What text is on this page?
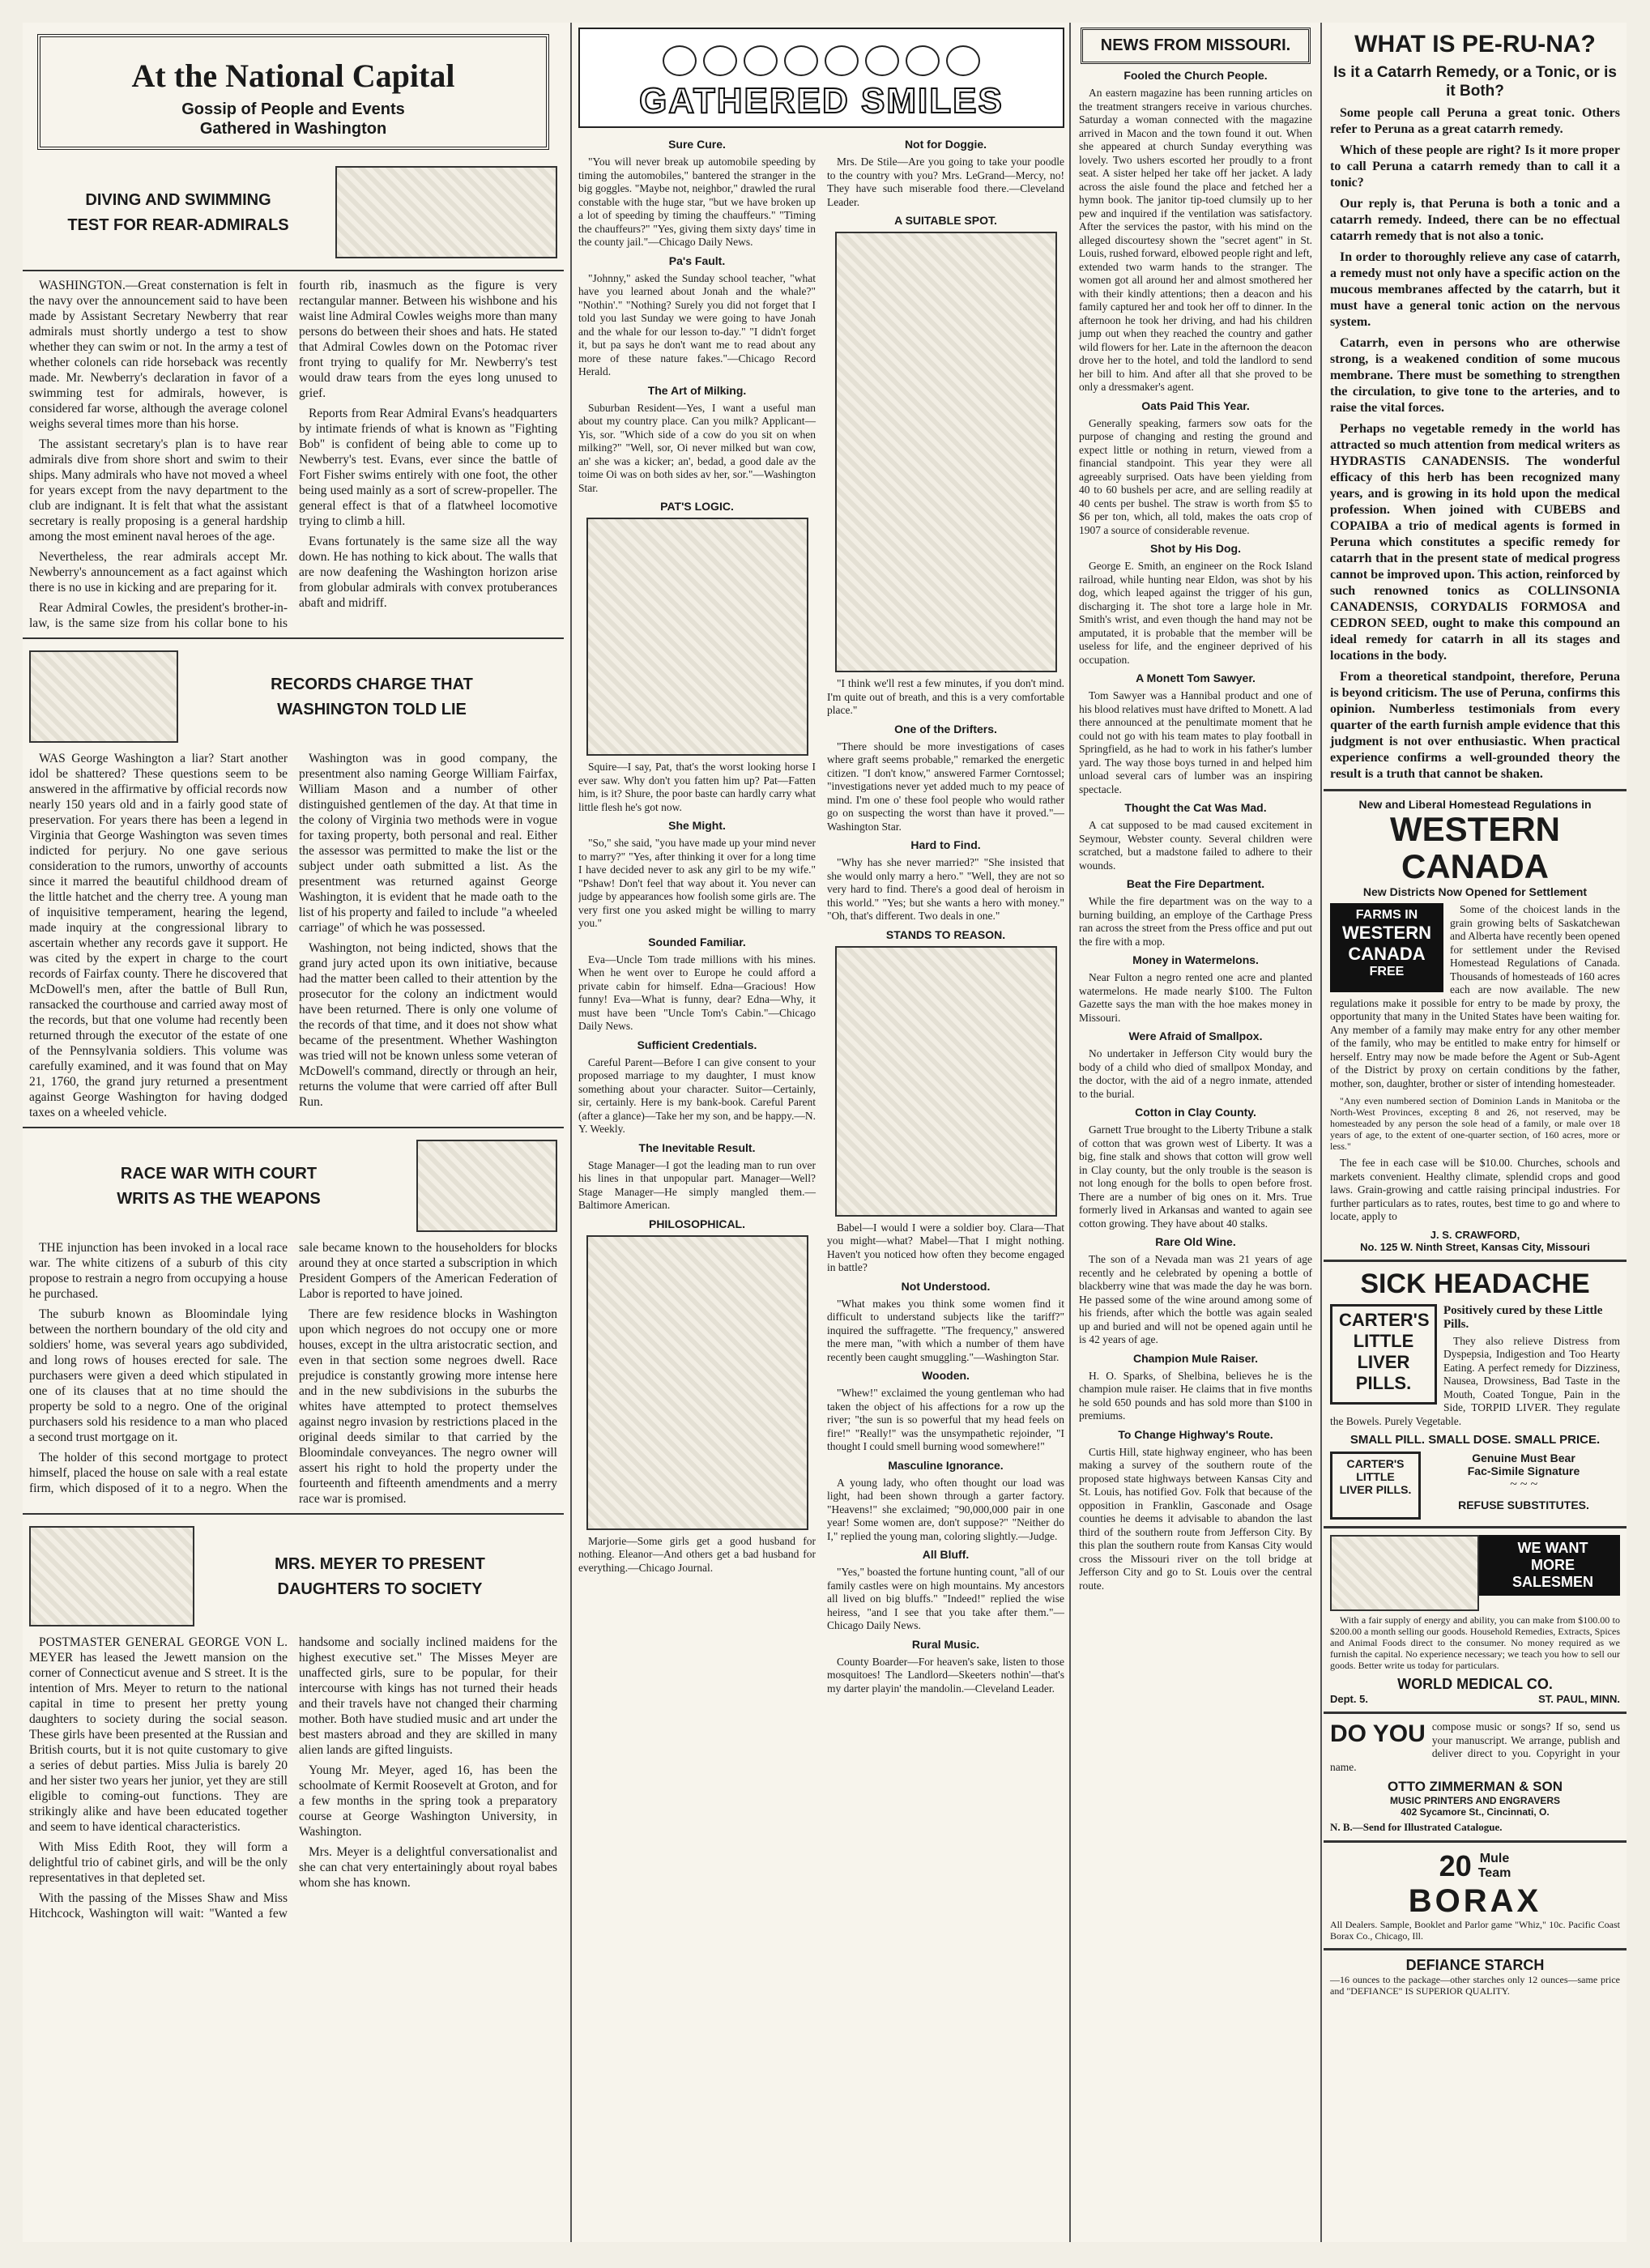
At the National Capital
Gossip of People and Events
Gathered in Washington
DIVING AND SWIMMING
TEST FOR REAR-ADMIRALS

WASHINGTON.—Great consternation is felt in the navy over the announcement said to have been made by Assistant Secretary Newberry that rear admirals must shortly undergo a test to show whether they can swim or not. In the army a test of whether colonels can ride horseback was recently made. Mr. Newberry's declaration in favor of a swimming test for admirals, however, is considered far worse, although the average colonel weighs several times more than his horse.

The assistant secretary's plan is to have rear admirals dive from shore short and swim to their ships. Many admirals who have not moved a wheel for years except from the navy department to the club are indignant. It is felt that what the assistant secretary is really proposing is a general hardship among the most eminent naval heroes of the age.

Nevertheless, the rear admirals accept Mr. Newberry's announcement as a fact against which there is no use in kicking and are preparing for it.

Rear Admiral Cowles, the president's brother-in-law, is the same size from his collar bone to his fourth rib, inasmuch as the figure is very rectangular manner. Between his wishbone and his waist line Admiral Cowles weighs more than many persons do between their shoes and hats. He stated that Admiral Cowles down on the Potomac river front trying to qualify for Mr. Newberry's test would draw tears from the eyes long unused to grief.

Reports from Rear Admiral Evans's headquarters by intimate friends of what is known as "Fighting Bob" is confident of being able to come up to Newberry's test. Evans, ever since the battle of Fort Fisher swims entirely with one foot, the other being used mainly as a sort of screw-propeller. The general effect is that of a flatwheel locomotive trying to climb a hill.

Evans fortunately is the same size all the way down. He has nothing to kick about. The walls that are now deafening the Washington horizon arise from globular admirals with convex protuberances abaft and midriff.

RECORDS CHARGE THAT
WASHINGTON TOLD LIE

WAS George Washington a liar? Start another idol be shattered? These questions seem to be answered in the affirmative by official records now nearly 150 years old and in a fairly good state of preservation. For years there has been a legend in Virginia that George Washington was seven times indicted for perjury. No one gave serious consideration to the rumors, unworthy of accounts since it marred the beautiful childhood dream of the little hatchet and the cherry tree. A young man of inquisitive temperament, hearing the legend, made inquiry at the congressional library to ascertain whether any records gave it support. He was cited by the expert in charge to the court records of Fairfax county. There he discovered that McDowell's men, after the battle of Bull Run, ransacked the courthouse and carried away most of the records, but that one volume had recently been returned through the executor of the estate of one of the Pennsylvania soldiers. This volume was carefully examined, and it was found that on May 21, 1760, the grand jury returned a presentment against George Washington for having dodged taxes on a wheeled vehicle.

Washington was in good company, the presentment also naming George William Fairfax, William Mason and a number of other distinguished gentlemen of the day. At that time in the colony of Virginia two methods were in vogue for taxing property, both personal and real. Either the assessor was permitted to make the list or the subject under oath submitted a list. As the presentment was returned against George Washington, it is evident that he made oath to the list of his property and failed to include "a wheeled carriage" of which he was possessed.

Washington, not being indicted, shows that the grand jury acted upon its own initiative, because had the matter been called to their attention by the prosecutor for the colony an indictment would have been returned. There is only one volume of the records of that time, and it does not show what became of the presentment. Whether Washington was tried will not be known unless some veteran of McDowell's command, directly or through an heir, returns the volume that were carried off after Bull Run.

RACE WAR WITH COURT
WRITS AS THE WEAPONS

THE injunction has been invoked in a local race war. The white citizens of a suburb of this city propose to restrain a negro from occupying a house he purchased.

The suburb known as Bloomindale lying between the northern boundary of the old city and soldiers' home, was several years ago subdivided, and long rows of houses erected for sale. The purchasers were given a deed which stipulated in one of its clauses that at no time should the property be sold to a negro. One of the original purchasers sold his residence to a man who placed a second trust mortgage on it.

The holder of this second mortgage to protect himself, placed the house on sale with a real estate firm, which disposed of it to a negro. When the sale became known to the householders for blocks around they at once started a subscription in which President Gompers of the American Federation of Labor is reported to have joined.

There are few residence blocks in Washington upon which negroes do not occupy one or more houses, except in the ultra aristocratic section, and even in that section some negroes dwell. Race prejudice is constantly growing more intense here and in the new subdivisions in the suburbs the whites have attempted to protect themselves against negro invasion by restrictions placed in the original deeds similar to that carried by the Bloomindale conveyances. The negro owner will assert his right to hold the property under the fourteenth and fifteenth amendments and a merry race war is promised.

MRS. MEYER TO PRESENT
DAUGHTERS TO SOCIETY

POSTMASTER GENERAL GEORGE VON L. MEYER has leased the Jewett mansion on the corner of Connecticut avenue and S street. It is the intention of Mrs. Meyer to return to the national capital in time to present her pretty young daughters to society during the social season. These girls have been presented at the Russian and British courts, but it is not quite customary to give a series of debut parties. Miss Julia is barely 20 and her sister two years her junior, yet they are still eligible to coming-out functions. They are strikingly alike and have been educated together and seem to have identical characteristics.

With Miss Edith Root, they will form a delightful trio of cabinet girls, and will be the only representatives in that depleted set.

With the passing of the Misses Shaw and Miss Hitchcock, Washington will wait: "Wanted a few handsome and socially inclined maidens for the highest executive set." The Misses Meyer are unaffected girls, sure to be popular, for their intercourse with kings has not turned their heads and their travels have not changed their charming mother. Both have studied music and art under the best masters abroad and they are skilled in many alien lands are gifted linguists.

Young Mr. Meyer, aged 16, has been the schoolmate of Kermit Roosevelt at Groton, and for a few months in the spring took a preparatory course at George Washington University, in Washington.

Mrs. Meyer is a delightful conversationalist and she can chat very entertainingly about royal babes whom she has known.

GATHERED SMILES
Sure Cure.

"You will never break up automobile speeding by timing the automobiles," bantered the stranger in the big goggles. "Maybe not, neighbor," drawled the rural constable with the huge star, "but we have broken up a lot of speeding by timing the chauffeurs." "Timing the chauffeurs?" "Yes, giving them sixty days' time in the county jail."—Chicago Daily News.

Pa's Fault.

"Johnny," asked the Sunday school teacher, "what have you learned about Jonah and the whale?" "Nothin'." "Nothing? Surely you did not forget that I told you last Sunday we were going to have Jonah and the whale for our lesson to-day." "I didn't forget it, but pa says he don't want me to read about any more of these nature fakes."—Chicago Record Herald.

The Art of Milking.

Suburban Resident—Yes, I want a useful man about my country place. Can you milk? Applicant—Yis, sor. "Which side of a cow do you sit on when milking?" "Well, sor, Oi never milked but wan cow, an' she was a kicker; an', bedad, a good dale av the toime Oi was on both sides av her, sor."—Washington Star.

PAT'S LOGIC.

Squire—I say, Pat, that's the worst looking horse I ever saw. Why don't you fatten him up? Pat—Fatten him, is it? Shure, the poor baste can hardly carry what little flesh he's got now.

She Might.

"So," she said, "you have made up your mind never to marry?" "Yes, after thinking it over for a long time I have decided never to ask any girl to be my wife." "Pshaw! Don't feel that way about it. You never can judge by appearances how foolish some girls are. The very first one you asked might be willing to marry you."

Sounded Familiar.

Eva—Uncle Tom trade millions with his mines. When he went over to Europe he could afford a private cabin for himself. Edna—Gracious! How funny! Eva—What is funny, dear? Edna—Why, it must have been "Uncle Tom's Cabin."—Chicago Daily News.

Sufficient Credentials.

Careful Parent—Before I can give consent to your proposed marriage to my daughter, I must know something about your character. Suitor—Certainly, sir, certainly. Here is my bank-book. Careful Parent (after a glance)—Take her my son, and be happy.—N. Y. Weekly.

The Inevitable Result.

Stage Manager—I got the leading man to run over his lines in that unpopular part. Manager—Well? Stage Manager—He simply mangled them.—Baltimore American.

PHILOSOPHICAL.

Marjorie—Some girls get a good husband for nothing. Eleanor—And others get a bad husband for everything.—Chicago Journal.

Not for Doggie.

Mrs. De Stile—Are you going to take your poodle to the country with you? Mrs. LeGrand—Mercy, no! They have such miserable food there.—Cleveland Leader.

A SUITABLE SPOT.

"I think we'll rest a few minutes, if you don't mind. I'm quite out of breath, and this is a very comfortable place."

One of the Drifters.

"There should be more investigations of cases where graft seems probable," remarked the energetic citizen. "I don't know," answered Farmer Corntossel; "investigations never yet added much to my peace of mind. I'm one o' these fool people who would rather go on suspecting the worst than have it proved."—Washington Star.

Hard to Find.

"Why has she never married?" "She insisted that she would only marry a hero." "Well, they are not so very hard to find. There's a good deal of heroism in this world." "Yes; but she wants a hero with money." "Oh, that's different. Two deals in one."

STANDS TO REASON.

Babel—I would I were a soldier boy. Clara—That you might—what? Mabel—That I might nothing. Haven't you noticed how often they become engaged in battle?

Not Understood.

"What makes you think some women find it difficult to understand subjects like the tariff?" inquired the suffragette. "The frequency," answered the mere man, "with which a number of them have recently been caught smuggling."—Washington Star.

Wooden.

"Whew!" exclaimed the young gentleman who had taken the object of his affections for a row up the river; "the sun is so powerful that my head feels on fire!" "Really!" was the unsympathetic rejoinder, "I thought I could smell burning wood somewhere!"

Masculine Ignorance.

A young lady, who often thought our load was light, had been shown through a garter factory. "Heavens!" she exclaimed; "90,000,000 pair in one year! Some women are, don't suppose?" "Neither do I," replied the young man, coloring slightly.—Judge.

All Bluff.

"Yes," boasted the fortune hunting count, "all of our family castles were on high mountains. My ancestors all lived on big bluffs." "Indeed!" replied the wise heiress, "and I see that you take after them."—Chicago Daily News.

Rural Music.

County Boarder—For heaven's sake, listen to those mosquitoes! The Landlord—Skeeters nothin'—that's my darter playin' the mandolin.—Cleveland Leader.

NEWS FROM MISSOURI.
Fooled the Church People.

An eastern magazine has been running articles on the treatment strangers receive in various churches. Saturday a woman connected with the magazine arrived in Macon and the town found it out. When she appeared at church Sunday everything was lovely. Two ushers escorted her proudly to a front seat. A sister helped her take off her jacket. A lady across the aisle found the place and fetched her a hymn book. The janitor tip-toed clumsily up to her pew and inquired if the ventilation was satisfactory. After the services the pastor, with his mind on the alleged discourtesy shown the "secret agent" in St. Louis, rushed forward, elbowed people right and left, extended two warm hands to the stranger. The women got all around her and almost smothered her with their kindly attentions; then a deacon and his family captured her and took her off to dinner. In the afternoon he took her driving, and had his children jump out when they reached the country and gather wild flowers for her. Late in the afternoon the deacon drove her to the hotel, and told the landlord to send her bill to him. And after all that she proved to be only a dressmaker's agent.

Oats Paid This Year.

Generally speaking, farmers sow oats for the purpose of changing and resting the ground and expect little or nothing in return, viewed from a financial standpoint. This year they were all agreeably surprised. Oats have been yielding from 40 to 60 bushels per acre, and are selling readily at 40 cents per bushel. The straw is worth from $5 to $6 per ton, which, all told, makes the oats crop of 1907 a source of considerable revenue.

Shot by His Dog.

George E. Smith, an engineer on the Rock Island railroad, while hunting near Eldon, was shot by his dog, which leaped against the trigger of his gun, discharging it. The shot tore a large hole in Mr. Smith's wrist, and even though the hand may not be amputated, it is probable that the member will be useless for life, and the engineer deprived of his occupation.

A Monett Tom Sawyer.

Tom Sawyer was a Hannibal product and one of his blood relatives must have drifted to Monett. A lad there announced at the penultimate moment that he could not go with his team mates to play football in Springfield, as he had to work in his father's lumber yard. The way those boys turned in and helped him unload several cars of lumber was an inspiring spectacle.

Thought the Cat Was Mad.

A cat supposed to be mad caused excitement in Seymour, Webster county. Several children were scratched, but a madstone failed to adhere to their wounds.

Beat the Fire Department.

While the fire department was on the way to a burning building, an employe of the Carthage Press ran across the street from the Press office and put out the fire with a mop.

Money in Watermelons.

Near Fulton a negro rented one acre and planted watermelons. He made nearly $100. The Fulton Gazette says the man with the hoe makes money in Missouri.

Were Afraid of Smallpox.

No undertaker in Jefferson City would bury the body of a child who died of smallpox Monday, and the doctor, with the aid of a negro inmate, attended to the burial.

Cotton in Clay County.

Garnett True brought to the Liberty Tribune a stalk of cotton that was grown west of Liberty. It was a big, fine stalk and shows that cotton will grow well in Clay county, but the only trouble is the season is not long enough for the bolls to open before frost. There are a number of big ones on it. Mrs. True formerly lived in Arkansas and wanted to again see cotton growing. They have about 40 stalks.

Rare Old Wine.

The son of a Nevada man was 21 years of age recently and he celebrated by opening a bottle of blackberry wine that was made the day he was born. He passed some of the wine around among some of his friends, after which the bottle was again sealed up and buried and will not be opened again until he is 42 years of age.

Champion Mule Raiser.

H. O. Sparks, of Shelbina, believes he is the champion mule raiser. He claims that in five months he sold 650 pounds and has sold more than $100 in premiums.

To Change Highway's Route.

Curtis Hill, state highway engineer, who has been making a survey of the southern route of the proposed state highways between Kansas City and St. Louis, has notified Gov. Folk that because of the opposition in Franklin, Gasconade and Osage counties he deems it advisable to abandon the last third of the southern route from Jefferson City. By this plan the southern route from Kansas City would cross the Missouri river on the toll bridge at Jefferson City and go to St. Louis over the central route.

WHAT IS PE-RU-NA?
Is it a Catarrh Remedy, or a Tonic, or is it Both?

Some people call Peruna a great tonic. Others refer to Peruna as a great catarrh remedy.

Which of these people are right? Is it more proper to call Peruna a catarrh remedy than to call it a tonic?

Our reply is, that Peruna is both a tonic and a catarrh remedy. Indeed, there can be no effectual catarrh remedy that is not also a tonic.

In order to thoroughly relieve any case of catarrh, a remedy must not only have a specific action on the mucous membranes affected by the catarrh, but it must have a general tonic action on the nervous system.

Catarrh, even in persons who are otherwise strong, is a weakened condition of some mucous membrane. There must be something to strengthen the circulation, to give tone to the arteries, and to raise the vital forces.

Perhaps no vegetable remedy in the world has attracted so much attention from medical writers as HYDRASTIS CANADENSIS. The wonderful efficacy of this herb has been recognized many years, and is growing in its hold upon the medical profession. When joined with CUBEBS and COPAIBA a trio of medical agents is formed in Peruna which constitutes a specific remedy for catarrh that in the present state of medical progress cannot be improved upon. This action, reinforced by such renowned tonics as COLLINSONIA CANADENSIS, CORYDALIS FORMOSA and CEDRON SEED, ought to make this compound an ideal remedy for catarrh in all its stages and locations in the body.

From a theoretical standpoint, therefore, Peruna is beyond criticism. The use of Peruna, confirms this opinion. Numberless testimonials from every quarter of the earth furnish ample evidence that this judgment is not over enthusiastic. When practical experience confirms a well-grounded theory the result is a truth that cannot be shaken.

New and Liberal Homestead Regulations in
WESTERN
CANADA
New Districts Now Opened for Settlement
FARMS IN
WESTERN
CANADA
FREE

Some of the choicest lands in the grain growing belts of Saskatchewan and Alberta have recently been opened for settlement under the Revised Homestead Regulations of Canada. Thousands of homesteads of 160 acres each are now available. The new regulations make it possible for entry to be made by proxy, the opportunity that many in the United States have been waiting for. Any member of a family may make entry for any other member of the family, who may be entitled to make entry for himself or herself. Entry may now be made before the Agent or Sub-Agent of the District by proxy on certain conditions by the father, mother, son, daughter, brother or sister of intending homesteader.

"Any even numbered section of Dominion Lands in Manitoba or the North-West Provinces, excepting 8 and 26, not reserved, may be homesteaded by any person the sole head of a family, or male over 18 years of age, to the extent of one-quarter section, of 160 acres, more or less."

The fee in each case will be $10.00. Churches, schools and markets convenient. Healthy climate, splendid crops and good laws. Grain-growing and cattle raising principal industries. For further particulars as to rates, routes, best time to go and where to locate, apply to

J. S. CRAWFORD,
No. 125 W. Ninth Street, Kansas City, Missouri
SICK HEADACHE
CARTER'S LITTLE LIVER PILLS.
Positively cured by these Little Pills.

They also relieve Distress from Dyspepsia, Indigestion and Too Hearty Eating. A perfect remedy for Dizziness, Nausea, Drowsiness, Bad Taste in the Mouth, Coated Tongue, Pain in the Side, TORPID LIVER. They regulate the Bowels. Purely Vegetable.

SMALL PILL. SMALL DOSE. SMALL PRICE.
CARTER'S LITTLE LIVER PILLS.
Genuine Must Bear
Fac-Simile Signature
~ ~ ~
REFUSE SUBSTITUTES.
WE WANT
MORE
SALESMEN

With a fair supply of energy and ability, you can make from $100.00 to $200.00 a month selling our goods. Household Remedies, Extracts, Spices and Animal Foods direct to the consumer. No money required as we furnish the capital. No experience necessary; we teach you how to sell our goods. Better write us today for particulars.

WORLD MEDICAL CO.
Dept. 5.	ST. PAUL, MINN.
DO YOU compose music or songs? If so, send us your manuscript. We arrange, publish and deliver direct to you. Copyright in your name.

OTTO ZIMMERMAN & SON
MUSIC PRINTERS AND ENGRAVERS
402 Sycamore St., Cincinnati, O.
N. B.—Send for Illustrated Catalogue.
20 Mule
Team
BORAX

All Dealers. Sample, Booklet and Parlor game "Whiz," 10c. Pacific Coast Borax Co., Chicago, Ill.

DEFIANCE STARCH

—16 ounces to the package—other starches only 12 ounces—same price and "DEFIANCE" IS SUPERIOR QUALITY.
